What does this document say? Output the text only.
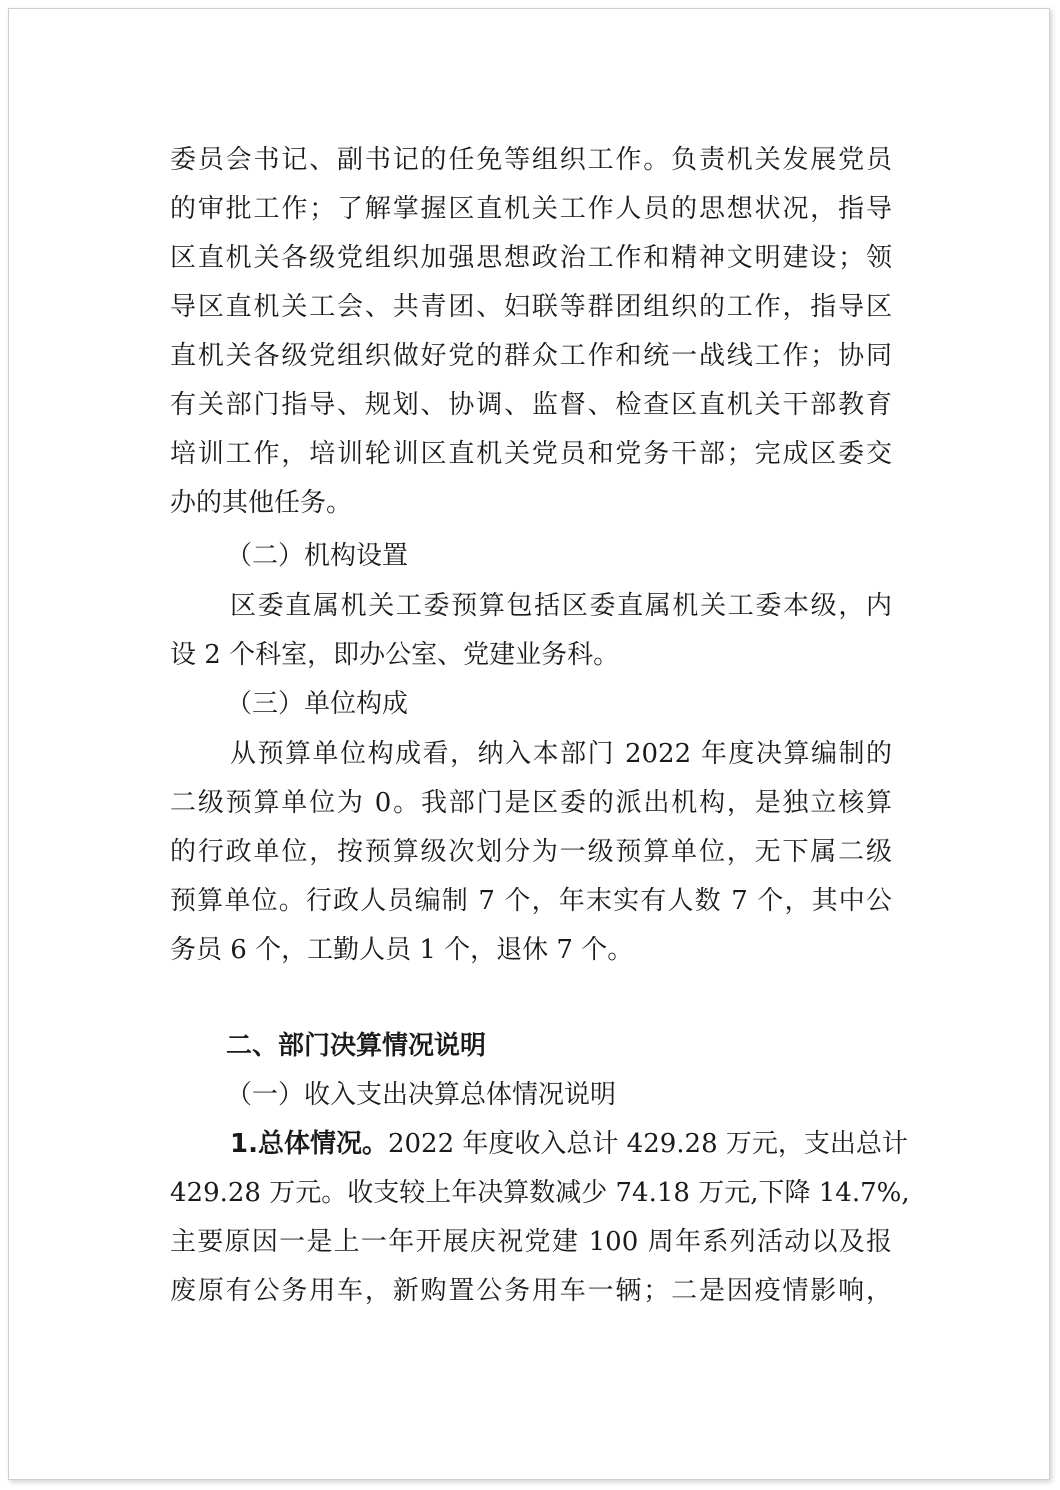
委员会书记、副书记的任免等组织工作。负责机关发展党员
的审批工作；了解掌握区直机关工作人员的思想状况，指导
区直机关各级党组织加强思想政治工作和精神文明建设；领
导区直机关工会、共青团、妇联等群团组织的工作，指导区
直机关各级党组织做好党的群众工作和统一战线工作；协同
有关部门指导、规划、协调、监督、检查区直机关干部教育
培训工作，培训轮训区直机关党员和党务干部；完成区委交
办的其他任务。
（二）机构设置
区委直属机关工委预算包括区委直属机关工委本级，内
设 2 个科室，即办公室、党建业务科。
（三）单位构成
从预算单位构成看，纳入本部门 2022 年度决算编制的
二级预算单位为 0。我部门是区委的派出机构，是独立核算
的行政单位，按预算级次划分为一级预算单位，无下属二级
预算单位。行政人员编制 7 个，年末实有人数 7 个，其中公
务员 6 个，工勤人员 1 个，退休 7 个。
二、部门决算情况说明
（一）收入支出决算总体情况说明
1.总体情况。2022 年度收入总计 429.28 万元，支出总计
429.28 万元。收支较上年决算数减少 74.18 万元,下降 14.7%,
主要原因一是上一年开展庆祝党建 100 周年系列活动以及报
废原有公务用车，新购置公务用车一辆；二是因疫情影响，
